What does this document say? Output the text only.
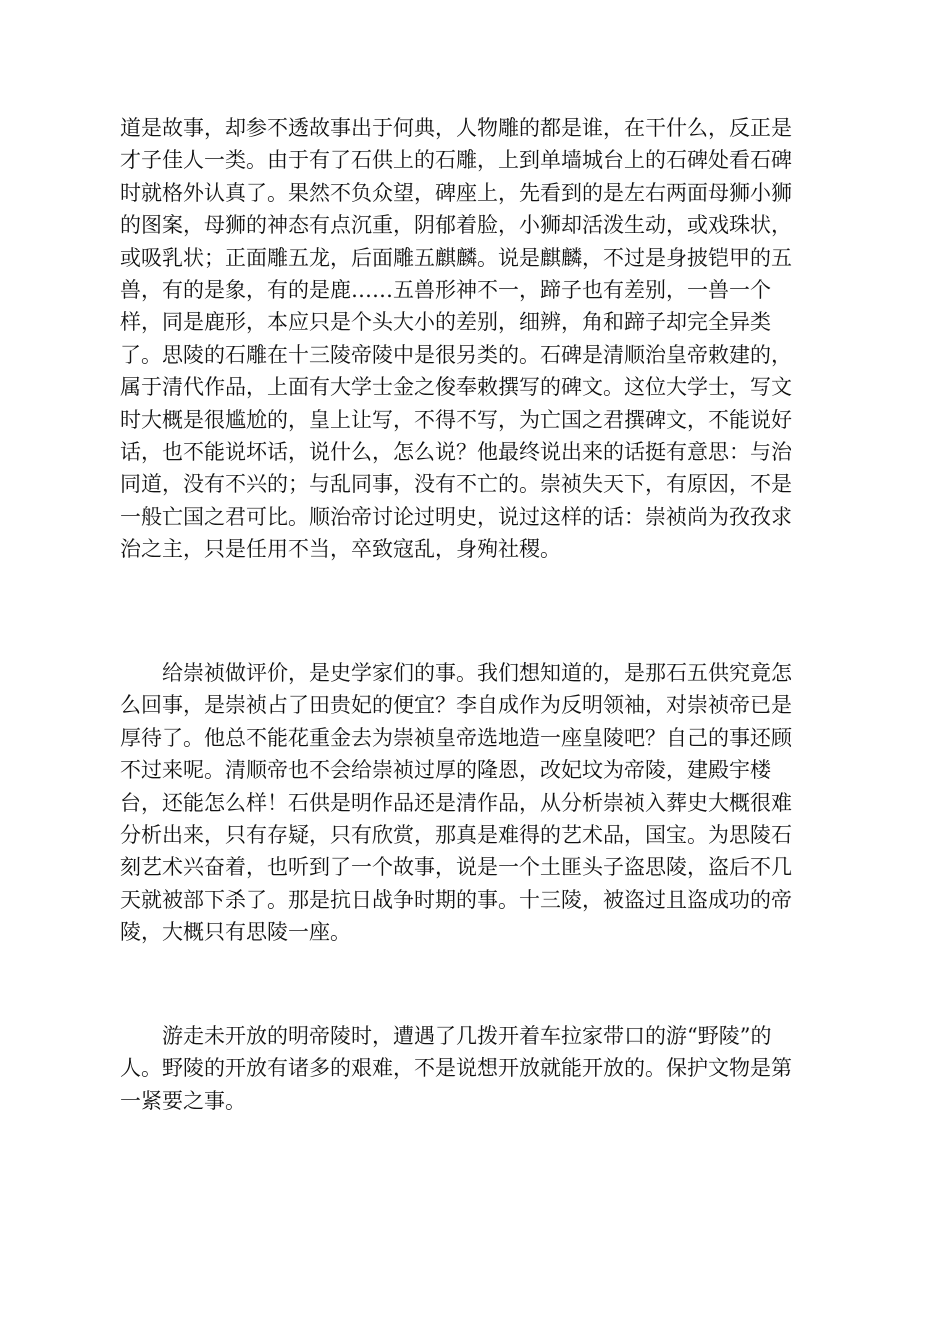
道是故事，却参不透故事出于何典，人物雕的都是谁，在干什么，反正是
才子佳人一类。由于有了石供上的石雕，上到单墙城台上的石碑处看石碑
时就格外认真了。果然不负众望，碑座上，先看到的是左右两面母狮小狮
的图案，母狮的神态有点沉重，阴郁着脸，小狮却活泼生动，或戏珠状，
或吸乳状；正面雕五龙，后面雕五麒麟。说是麒麟，不过是身披铠甲的五
兽，有的是象，有的是鹿……五兽形神不一，蹄子也有差别，一兽一个
样，同是鹿形，本应只是个头大小的差别，细辨，角和蹄子却完全异类
了。思陵的石雕在十三陵帝陵中是很另类的。石碑是清顺治皇帝敕建的，
属于清代作品，上面有大学士金之俊奉敕撰写的碑文。这位大学士，写文
时大概是很尴尬的，皇上让写，不得不写，为亡国之君撰碑文，不能说好
话，也不能说坏话，说什么，怎么说？他最终说出来的话挺有意思：与治
同道，没有不兴的；与乱同事，没有不亡的。崇祯失天下，有原因，不是
一般亡国之君可比。顺治帝讨论过明史，说过这样的话：崇祯尚为孜孜求
治之主，只是任用不当，卒致寇乱，身殉社稷。
给崇祯做评价，是史学家们的事。我们想知道的，是那石五供究竟怎
么回事，是崇祯占了田贵妃的便宜？李自成作为反明领袖，对崇祯帝已是
厚待了。他总不能花重金去为崇祯皇帝选地造一座皇陵吧？自己的事还顾
不过来呢。清顺帝也不会给崇祯过厚的隆恩，改妃坟为帝陵，建殿宇楼
台，还能怎么样！石供是明作品还是清作品，从分析崇祯入葬史大概很难
分析出来，只有存疑，只有欣赏，那真是难得的艺术品，国宝。为思陵石
刻艺术兴奋着，也听到了一个故事，说是一个土匪头子盗思陵，盗后不几
天就被部下杀了。那是抗日战争时期的事。十三陵，被盗过且盗成功的帝
陵，大概只有思陵一座。
游走未开放的明帝陵时，遭遇了几拨开着车拉家带口的游“野陵”的
人。野陵的开放有诸多的艰难，不是说想开放就能开放的。保护文物是第
一紧要之事。
